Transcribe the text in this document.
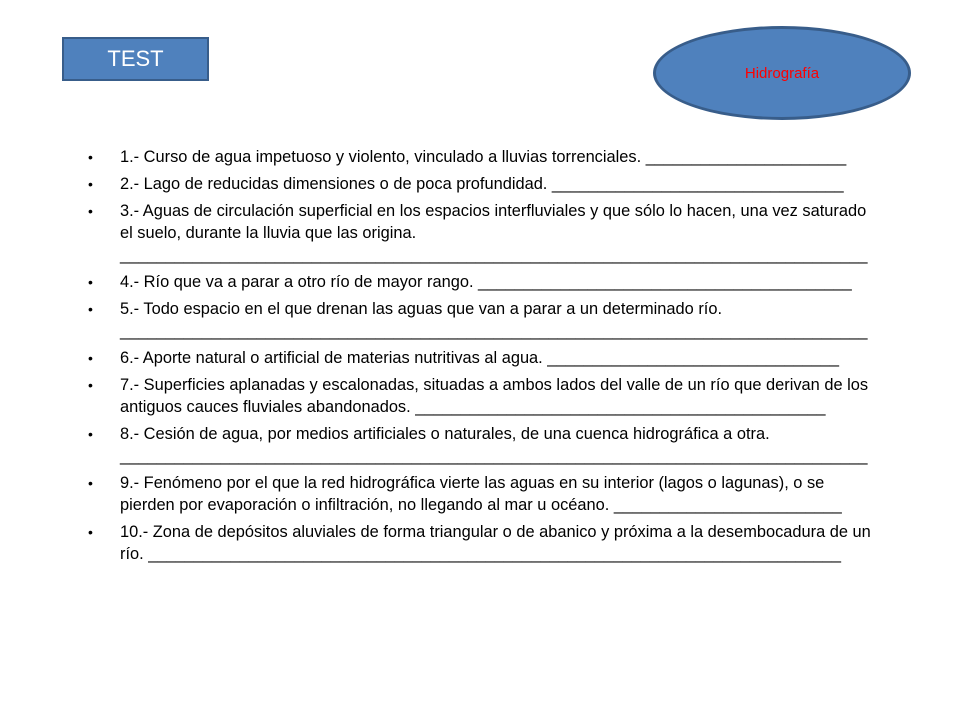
TEST
Hidrografía
• 1.- Curso de agua impetuoso y violento, vinculado a lluvias torrenciales. ______________________
• 2.- Lago de reducidas dimensiones o de poca profundidad. ________________________________
• 3.- Aguas de circulación superficial en los espacios interfluviales y que sólo lo hacen, una vez saturado el suelo, durante la lluvia que las origina. __________________________________________________________________________________
• 4.- Río que va a parar a otro río de mayor rango. _________________________________________
• 5.- Todo espacio en el que drenan las aguas que van a parar a un determinado río. __________________________________________________________________________________
• 6.- Aporte natural o artificial de materias nutritivas al agua. ________________________________
• 7.- Superficies aplanadas y escalonadas, situadas a ambos lados del valle de un río que derivan de los antiguos cauces fluviales abandonados. _____________________________________________
• 8.- Cesión de agua, por medios artificiales o naturales, de una cuenca hidrográfica a otra. __________________________________________________________________________________
• 9.- Fenómeno por el que la red hidrográfica vierte las aguas en su interior (lagos o lagunas), o se pierden por evaporación o infiltración, no llegando al mar u océano. _________________________
• 10.- Zona de depósitos aluviales de forma triangular o de abanico y próxima a la desembocadura de un río. ____________________________________________________________________________
